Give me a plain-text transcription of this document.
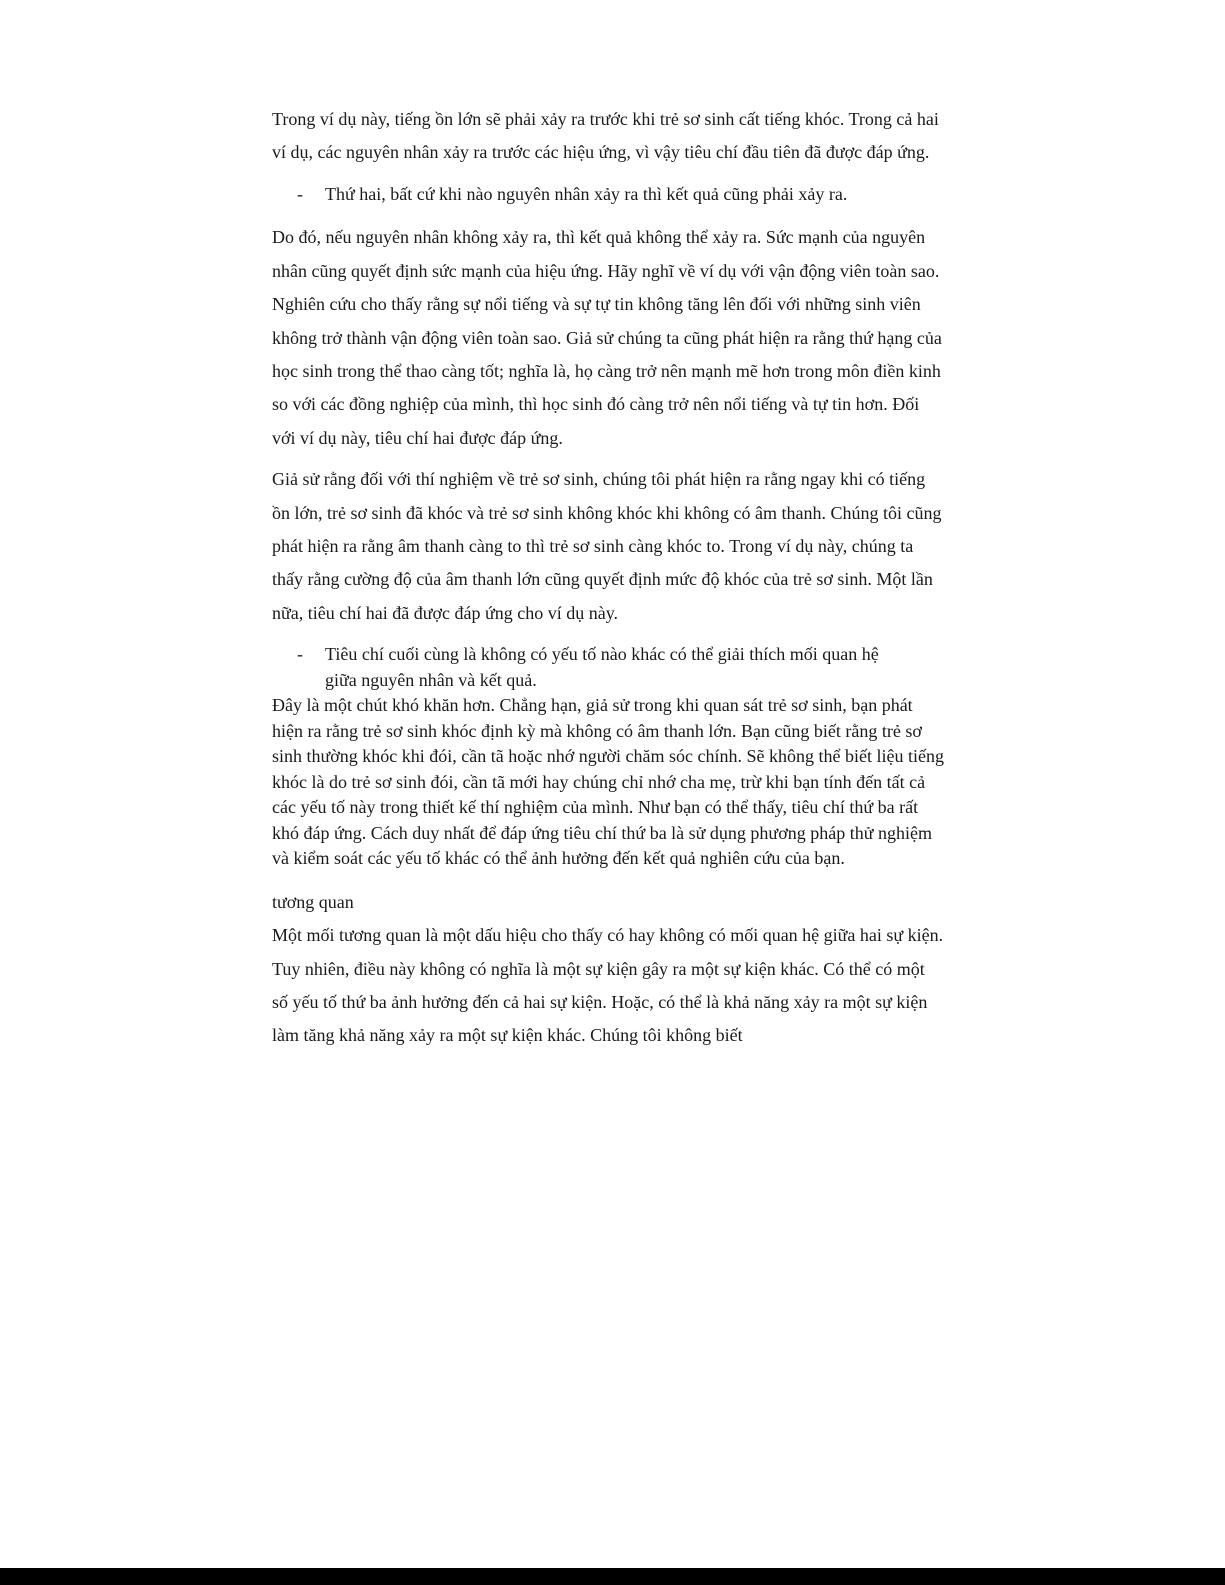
Trong ví dụ này, tiếng ồn lớn sẽ phải xảy ra trước khi trẻ sơ sinh cất tiếng khóc. Trong cả hai ví dụ, các nguyên nhân xảy ra trước các hiệu ứng, vì vậy tiêu chí đầu tiên đã được đáp ứng.

- Thứ hai, bất cứ khi nào nguyên nhân xảy ra thì kết quả cũng phải xảy ra.

Do đó, nếu nguyên nhân không xảy ra, thì kết quả không thể xảy ra. Sức mạnh của nguyên nhân cũng quyết định sức mạnh của hiệu ứng. Hãy nghĩ về ví dụ với vận động viên toàn sao. Nghiên cứu cho thấy rằng sự nổi tiếng và sự tự tin không tăng lên đối với những sinh viên không trở thành vận động viên toàn sao. Giả sử chúng ta cũng phát hiện ra rằng thứ hạng của học sinh trong thể thao càng tốt; nghĩa là, họ càng trở nên mạnh mẽ hơn trong môn điền kinh so với các đồng nghiệp của mình, thì học sinh đó càng trở nên nổi tiếng và tự tin hơn. Đối với ví dụ này, tiêu chí hai được đáp ứng.

Giả sử rằng đối với thí nghiệm về trẻ sơ sinh, chúng tôi phát hiện ra rằng ngay khi có tiếng ồn lớn, trẻ sơ sinh đã khóc và trẻ sơ sinh không khóc khi không có âm thanh. Chúng tôi cũng phát hiện ra rằng âm thanh càng to thì trẻ sơ sinh càng khóc to. Trong ví dụ này, chúng ta thấy rằng cường độ của âm thanh lớn cũng quyết định mức độ khóc của trẻ sơ sinh. Một lần nữa, tiêu chí hai đã được đáp ứng cho ví dụ này.

- Tiêu chí cuối cùng là không có yếu tố nào khác có thể giải thích mối quan hệ giữa nguyên nhân và kết quả.

Đây là một chút khó khăn hơn. Chẳng hạn, giả sử trong khi quan sát trẻ sơ sinh, bạn phát hiện ra rằng trẻ sơ sinh khóc định kỳ mà không có âm thanh lớn. Bạn cũng biết rằng trẻ sơ sinh thường khóc khi đói, cần tã hoặc nhớ người chăm sóc chính. Sẽ không thể biết liệu tiếng khóc là do trẻ sơ sinh đói, cần tã mới hay chúng chỉ nhớ cha mẹ, trừ khi bạn tính đến tất cả các yếu tố này trong thiết kế thí nghiệm của mình. Như bạn có thể thấy, tiêu chí thứ ba rất khó đáp ứng. Cách duy nhất để đáp ứng tiêu chí thứ ba là sử dụng phương pháp thử nghiệm và kiểm soát các yếu tố khác có thể ảnh hưởng đến kết quả nghiên cứu của bạn.

tương quan

Một mối tương quan là một dấu hiệu cho thấy có hay không có mối quan hệ giữa hai sự kiện. Tuy nhiên, điều này không có nghĩa là một sự kiện gây ra một sự kiện khác. Có thể có một số yếu tố thứ ba ảnh hưởng đến cả hai sự kiện. Hoặc, có thể là khả năng xảy ra một sự kiện làm tăng khả năng xảy ra một sự kiện khác. Chúng tôi không biết
